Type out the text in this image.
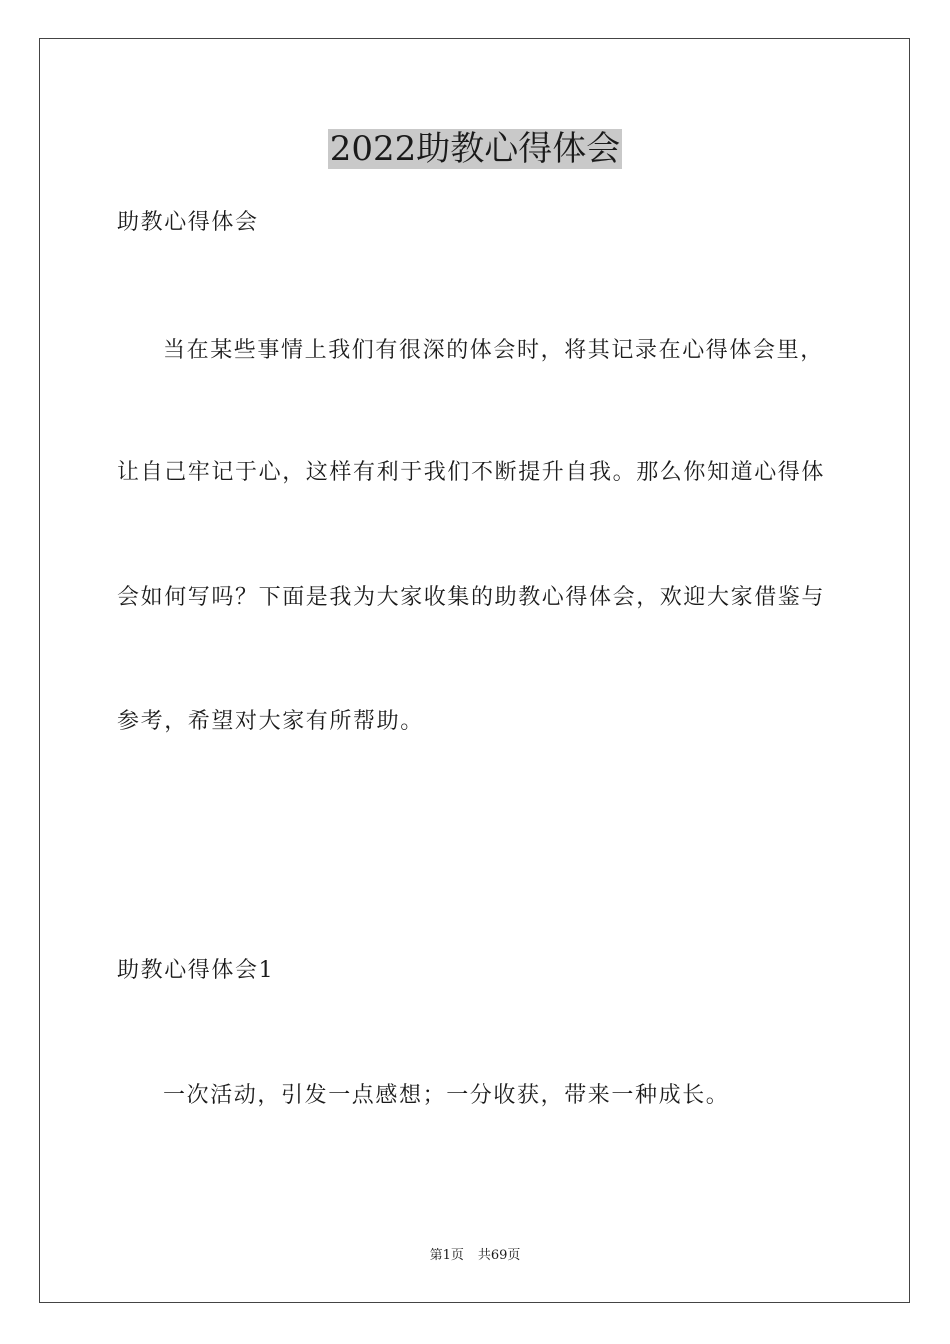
2022助教心得体会
助教心得体会
当在某些事情上我们有很深的体会时，将其记录在心得体会里，
让自己牢记于心，这样有利于我们不断提升自我。那么你知道心得体
会如何写吗？下面是我为大家收集的助教心得体会，欢迎大家借鉴与
参考，希望对大家有所帮助。
助教心得体会1
一次活动，引发一点感想；一分收获，带来一种成长。
第1页 共69页
